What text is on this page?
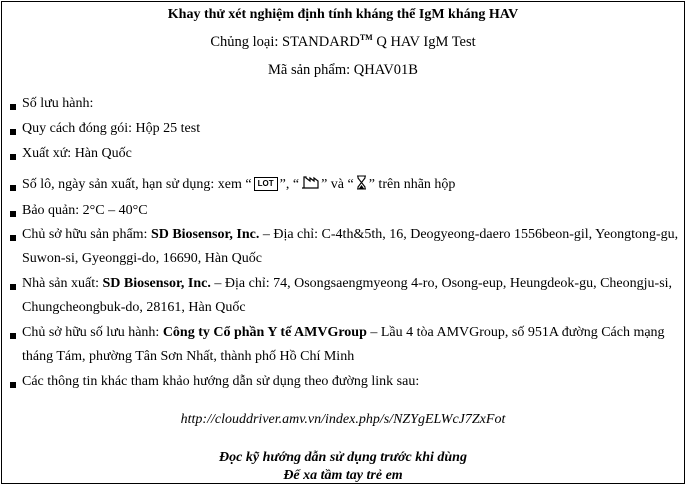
Khay thử xét nghiệm định tính kháng thể IgM kháng HAV
Chủng loại: STANDARD™ Q HAV IgM Test
Mã sản phẩm: QHAV01B
Số lưu hành:
Quy cách đóng gói: Hộp 25 test
Xuất xứ: Hàn Quốc
Số lô, ngày sản xuất, hạn sử dụng: xem “ LOT ”, “ ” và “ ” trên nhãn hộp
Bảo quản: 2°C – 40°C
Chủ sở hữu sản phẩm: SD Biosensor, Inc. – Địa chỉ: C-4th&5th, 16, Deogyeong-daero 1556beon-gil, Yeongtong-gu, Suwon-si, Gyeonggi-do, 16690, Hàn Quốc
Nhà sản xuất: SD Biosensor, Inc. – Địa chỉ: 74, Osongsaengmyeong 4-ro, Osong-eup, Heungdeok-gu, Cheongju-si, Chungcheongbuk-do, 28161, Hàn Quốc
Chủ sở hữu số lưu hành: Công ty Cổ phần Y tế AMVGroup – Lầu 4 tòa AMVGroup, số 951A đường Cách mạng tháng Tám, phường Tân Sơn Nhất, thành phố Hồ Chí Minh
Các thông tin khác tham khảo hướng dẫn sử dụng theo đường link sau:
http://clouddriver.amv.vn/index.php/s/NZYgELWcJ7ZxFot
Đọc kỹ hướng dẫn sử dụng trước khi dùng
Để xa tầm tay trẻ em
